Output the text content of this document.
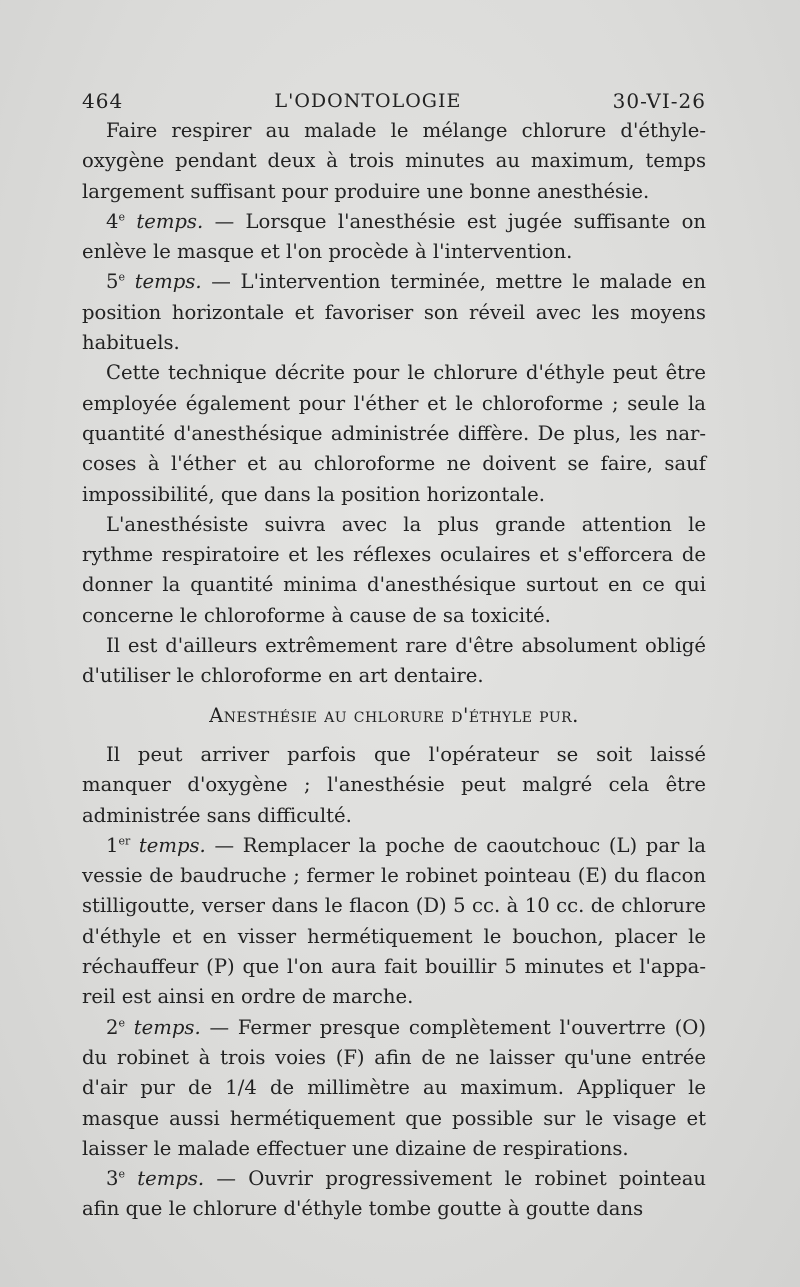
464	L'ODONTOLOGIE	30-VI-26

Faire respirer au malade le mélange chlorure d'éthyle-oxygène pendant deux à trois minutes au maximum, temps largement suffisant pour produire une bonne anesthésie.

4e temps. — Lorsque l'anesthésie est jugée suffisante on enlève le masque et l'on procède à l'intervention.

5e temps. — L'intervention terminée, mettre le malade en position horizontale et favoriser son réveil avec les moyens habituels.

Cette technique décrite pour le chlorure d'éthyle peut être employée également pour l'éther et le chloroforme ; seule la quantité d'anesthésique administrée diffère. De plus, les nar-coses à l'éther et au chloroforme ne doivent se faire, sauf impossibilité, que dans la position horizontale.

L'anesthésiste suivra avec la plus grande attention le rythme respiratoire et les réflexes oculaires et s'efforcera de donner la quantité minima d'anesthésique surtout en ce qui concerne le chloroforme à cause de sa toxicité.

Il est d'ailleurs extrêmement rare d'être absolument obligé d'utiliser le chloroforme en art dentaire.

Anesthésie au chlorure d'éthyle pur.

Il peut arriver parfois que l'opérateur se soit laissé manquer d'oxygène ; l'anesthésie peut malgré cela être administrée sans difficulté.

1er temps. — Remplacer la poche de caoutchouc (L) par la vessie de baudruche ; fermer le robinet pointeau (E) du flacon stilligoutte, verser dans le flacon (D) 5 cc. à 10 cc. de chlorure d'éthyle et en visser hermétiquement le bouchon, placer le réchauffeur (P) que l'on aura fait bouillir 5 minutes et l'appa-reil est ainsi en ordre de marche.

2e temps. — Fermer presque complètement l'ouvertrre (O) du robinet à trois voies (F) afin de ne laisser qu'une entrée d'air pur de 1/4 de millimètre au maximum. Appliquer le masque aussi hermétiquement que possible sur le visage et laisser le malade effectuer une dizaine de respirations.

3e temps. — Ouvrir progressivement le robinet pointeau afin que le chlorure d'éthyle tombe goutte à goutte dans
